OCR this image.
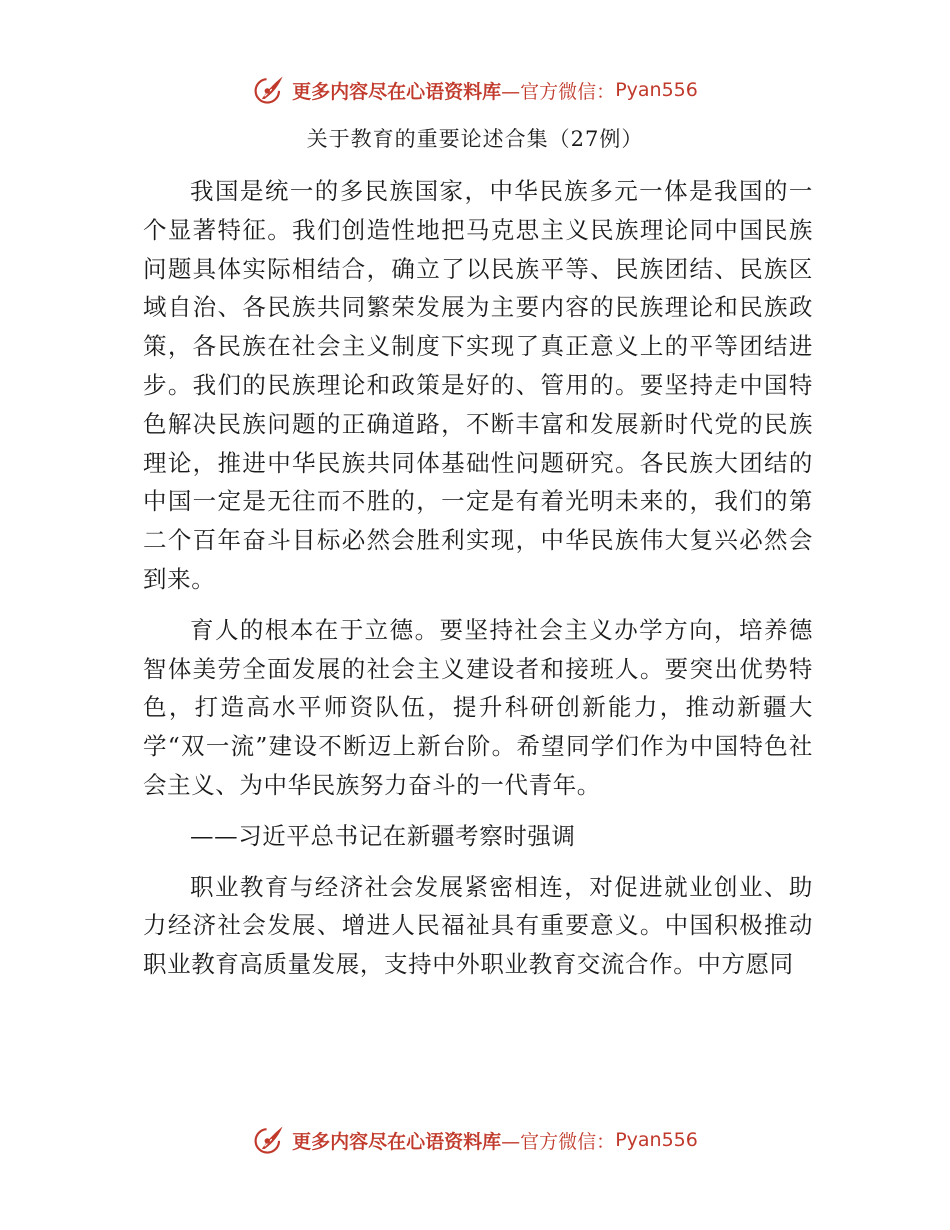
更多内容尽在心语资料库 —官方微信： Pyan556
关于教育的重要论述合集（27例）

我国是统一的多民族国家，中华民族多元一体是我国的一个显著特征。我们创造性地把马克思主义民族理论同中国民族问题具体实际相结合，确立了以民族平等、民族团结、民族区域自治、各民族共同繁荣发展为主要内容的民族理论和民族政策，各民族在社会主义制度下实现了真正意义上的平等团结进步。我们的民族理论和政策是好的、管用的。要坚持走中国特色解决民族问题的正确道路，不断丰富和发展新时代党的民族理论，推进中华民族共同体基础性问题研究。各民族大团结的中国一定是无往而不胜的，一定是有着光明未来的，我们的第二个百年奋斗目标必然会胜利实现，中华民族伟大复兴必然会到来。

育人的根本在于立德。要坚持社会主义办学方向，培养德智体美劳全面发展的社会主义建设者和接班人。要突出优势特色，打造高水平师资队伍，提升科研创新能力，推动新疆大学“双一流”建设不断迈上新台阶。希望同学们作为中国特色社会主义、为中华民族努力奋斗的一代青年。

——习近平总书记在新疆考察时强调

职业教育与经济社会发展紧密相连，对促进就业创业、助力经济社会发展、增进人民福祉具有重要意义。中国积极推动职业教育高质量发展，支持中外职业教育交流合作。中方愿同

更多内容尽在心语资料库 —官方微信： Pyan556
